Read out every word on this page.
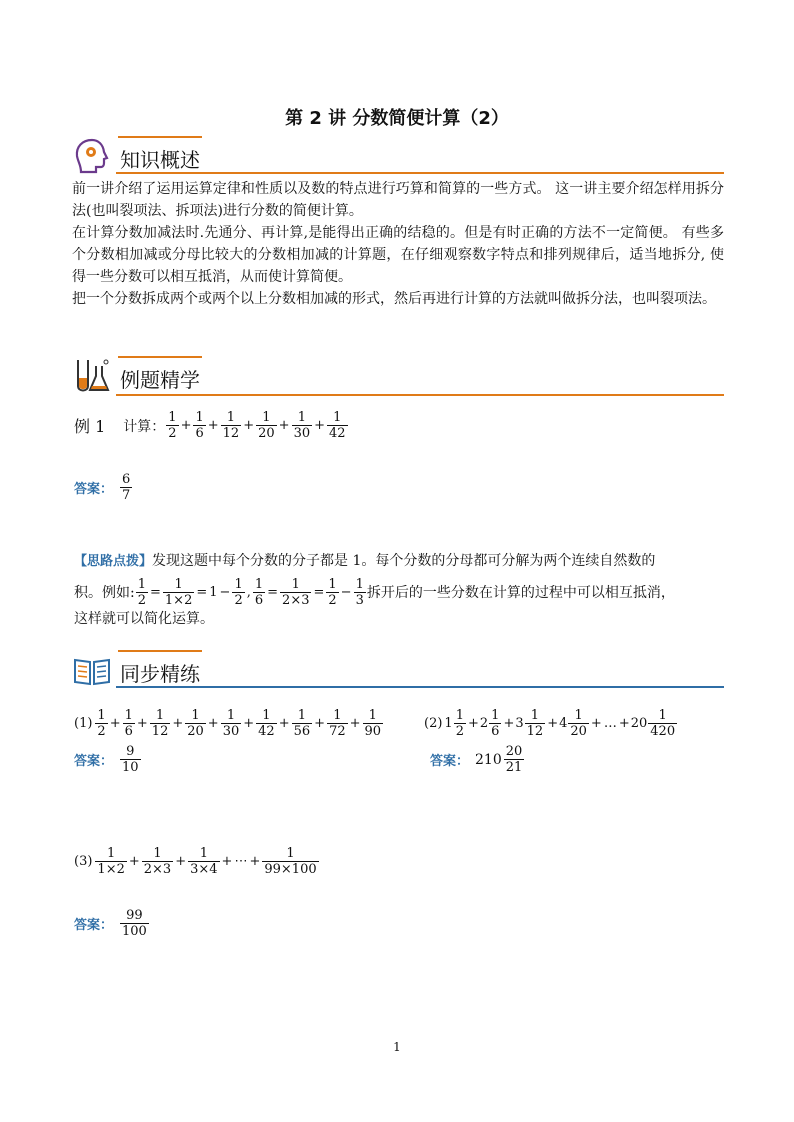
第 2 讲 分数简便计算（2）
知识概述

前一讲介绍了运用运算定律和性质以及数的特点进行巧算和简算的一些方式。 这一讲主要介绍怎样用拆分法(也叫裂项法、拆项法)进行分数的简便计算。

在计算分数加减法时.先通分、再计算,是能得出正确的结稳的。但是有时正确的方法不一定简便。 有些多个分数相加减或分母比较大的分数相加减的计算题，在仔细观察数字特点和排列规律后，适当地拆分, 使得一些分数可以相互抵消，从而使计算简便。

把一个分数拆成两个或两个以上分数相加减的形式，然后再进行计算的方法就叫做拆分法，也叫裂项法。

例题精学
例 1 计算： $\frac{1}{2} + \frac{1}{6} + \frac{1}{12} + \frac{1}{20} + \frac{1}{30} + \frac{1}{42}$
答案： $\frac{6}{7}$
【思路点拨】发现这题中每个分数的分子都是 1。每个分数的分母都可分解为两个连续自然数的
积。例如: $\frac{1}{2} = \frac{1}{1\times 2} = 1 - \frac{1}{2}$ , $\frac{1}{6} = \frac{1}{2\times 3} = \frac{1}{2} - \frac{1}{3}$ 拆开后的一些分数在计算的过程中可以相互抵消，
这样就可以简化运算。
同步精练
$(1) \frac{1}{2} + \frac{1}{6} + \frac{1}{12} + \frac{1}{20} + \frac{1}{30} + \frac{1}{42} + \frac{1}{56} + \frac{1}{72} + \frac{1}{90}$
答案： $\frac{9}{10}$
(2) $1 \frac{1}{2} + 2 \frac{1}{6} + 3 \frac{1}{12} + 4 \frac{1}{20}$ + … + $20 \frac{1}{420}$
答案： $210 \frac{20}{21}$
$(3) \frac{1}{1\times 2} + \frac{1}{2\times 3} + \frac{1}{3\times 4}$ + ⋯ + $\frac{1}{99\times 100}$
答案： $\frac{99}{100}$
1
